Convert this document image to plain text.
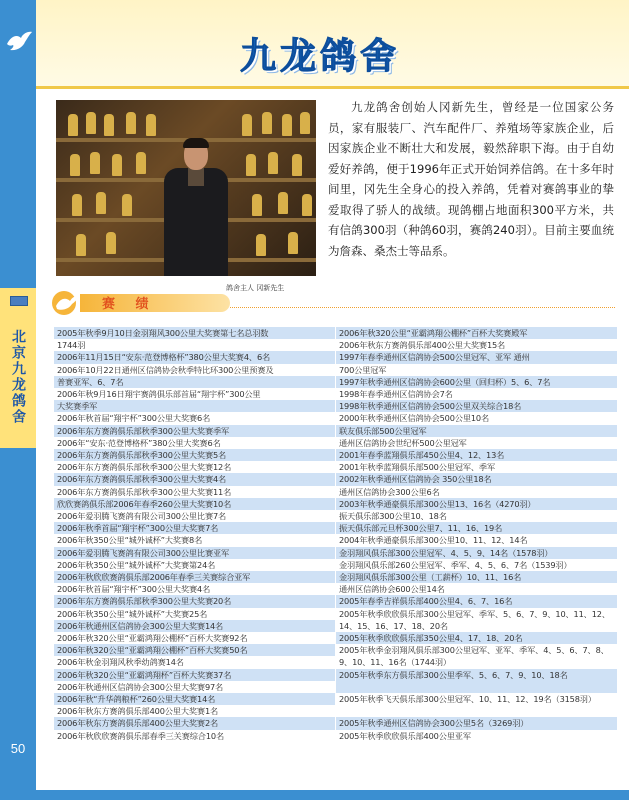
北京九龙鸽舍
50
九龙鸽舍
鸽舍主人 冈新先生

九龙鸽舍创始人冈新先生，曾经是一位国家公务员，家有服装厂、汽车配件厂、养殖场等家族企业，后因家族企业不断壮大和发展，毅然辞职下海。由于自幼爱好养鸽，便于1996年正式开始饲养信鸽。在十多年时间里，冈先生全身心的投入养鸽，凭着对赛鸽事业的挚爱取得了骄人的战绩。现鸽棚占地面积300平方米，共有信鸽300羽（种鸽60羽，赛鸽240羽）。目前主要血统为詹森、桑杰士等品系。

赛 绩
2005年秋季9月10日金羽翔风300公里大奖赛第七名总羽数
1744羽
2006年11月15日“安东·范登博格杯”380公里大奖赛4、6名
2006年10月22日通州区信鸽协会秋季特比环300公里预赛及
普赛亚军、6、7名
2006年秋9月16日翔宇赛鸽俱乐部首届“翔宇杯”300公里
大奖赛季军
2006年秋首届“翔宇杯”300公里大奖赛6名
2006年东方赛鸽俱乐部秋季300公里大奖赛季军
2006年“安东·范登博格杯”380公里大奖赛6名
2006年东方赛鸽俱乐部秋季300公里大奖赛5名
2006年东方赛鸽俱乐部秋季300公里大奖赛12名
2006年东方赛鸽俱乐部秋季300公里大奖赛4名
2006年东方赛鸽俱乐部秋季300公里大奖赛11名
欣欣赛鸽俱乐部2006年春季260公里大奖赛10名
2006年爱羽腾飞赛鸽有限公司300公里比赛7名
2006年秋季首届“翔宇杯”300公里大奖赛7名
2006年秋350公里“城外诚杯”大奖赛8名
2006年爱羽腾飞赛鸽有限公司300公里比赛亚军
2006年秋350公里“城外诚杯”大奖赛第24名
2006年秋欣欣赛鸽俱乐部2006年春季三关赛综合亚军
2006年秋首届“翔宇杯”300公里大奖赛4名
2006年东方赛鸽俱乐部秋季300公里大奖赛20名
2006年秋350公里“城外诚杯”大奖赛25名
2006年秋通州区信鸽协会300公里大奖赛14名
2006年秋320公里“亚霸鸿翔公棚杯”百杯大奖赛92名
2006年秋320公里“亚霸鸿翔公棚杯”百杯大奖赛50名
2006年秋金羽翔风秋季幼鸽赛14名
2006年秋320公里“亚霸鸿翔杯”百杯大奖赛37名
2006年秋通州区信鸽协会300公里大奖赛97名
2006年秋“升华鸽粮杯”260公里大奖赛14名
2006年秋东方赛鸽俱乐部400公里大奖赛1名
2006年秋东方赛鸽俱乐部400公里大奖赛2名
2006年秋欣欣赛鸽俱乐部春季三关赛综合10名
2006年秋320公里“亚霸鸿翔公棚杯”百杯大奖赛殿军
2006年秋东方赛鸽俱乐部400公里大奖赛15名
1997年春季通州区信鸽协会500公里冠军、亚军 通州
700公里冠军
1997年秋季通州区信鸽协会600公里（回归杯）5、6、7名
1998年春季通州区信鸽协会7名
1998年秋季通州区信鸽协会500公里双关综合18名
2000年秋季通州区信鸽协会500公里10名
联友俱乐部500公里冠军
通州区信鸽协会世纪杯500公里冠军
2001年春季蓝翔俱乐部450公里4、12、13名
2001年秋季蓝翔俱乐部500公里冠军、季军
2002年秋季通州区信鸽协会 350公里18名
通州区信鸽协会300公里6名
2003年秋季通豪俱乐部300公里13、16名（4270羽）
振天俱乐部300公里10、18名
振天俱乐部元旦杯300公里7、11、16、19名
2004年秋季通豪俱乐部300公里10、11、12、14名
金羽翔风俱乐部300公里冠军、4、5、9、14名（1578羽）
金羽翔风俱乐部260公里冠军、季军、4、5、6、7名（1539羽）
金羽翔风俱乐部300公里（工薪杯）10、11、16名
通州区信鸽协会600公里14名
2005年春季吉祥俱乐部400公里4、6、7、16名
2005年秋季欣欣俱乐部300公里冠军、季军、5、6、7、9、10、11、12、14、15、16、17、18、20名
2005年秋季欣欣俱乐部350公里4、17、18、20名
2005年秋季金羽翔风俱乐部300公里冠军、亚军、季军、4、5、6、7、8、9、10、11、16名（1744羽）
2005年秋季东方俱乐部300公里季军、5、6、7、9、10、18名
2005年秋季飞天俱乐部300公里冠军、10、11、12、19名（3158羽）
2005年秋季通州区信鸽协会300公里5名（3269羽）
2005年秋季欣欣俱乐部400公里亚军
